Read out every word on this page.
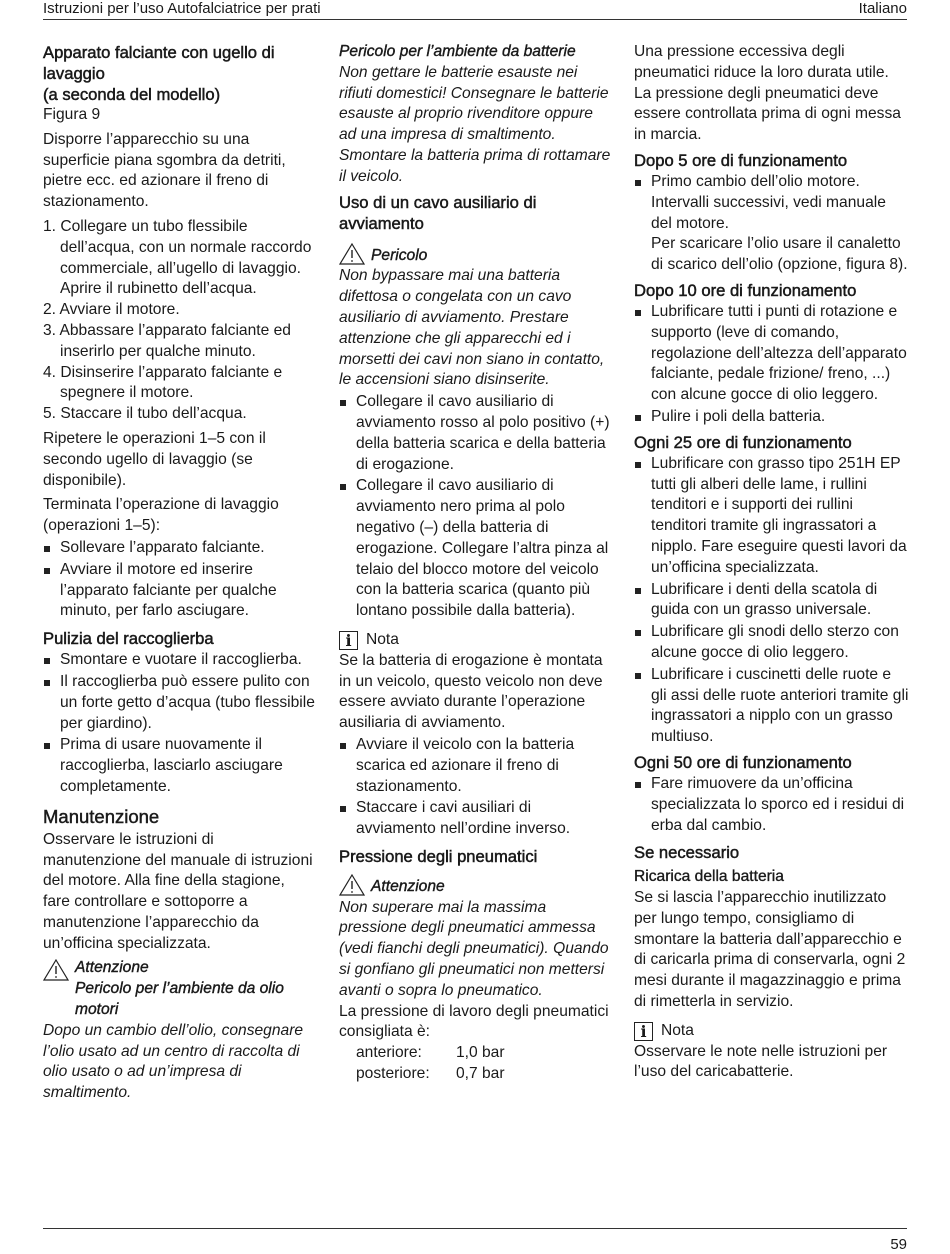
Istruzioni per l’uso Autofalciatrice per prati	Italiano

Apparato falciante con ugello di lavaggio
(a seconda del modello)

Figura 9

Disporre l’apparecchio su una superficie piana sgombra da detriti, pietre ecc. ed azionare il freno di stazionamento.

1. Collegare un tubo flessibile dell’acqua, con un normale raccordo commerciale, all’ugello di lavaggio. Aprire il rubinetto dell’acqua.
2. Avviare il motore.
3. Abbassare l’apparato falciante ed inserirlo per qualche minuto.
4. Disinserire l’apparato falciante e spegnere il motore.
5. Staccare il tubo dell’acqua.

Ripetere le operazioni 1–5 con il secondo ugello di lavaggio (se disponibile).

Terminata l’operazione di lavaggio (operazioni 1–5):

Sollevare l’apparato falciante.
Avviare il motore ed inserire l’apparato falciante per qualche minuto, per farlo asciugare.

Pulizia del raccoglierba

Smontare e vuotare il raccoglierba.
Il raccoglierba può essere pulito con un forte getto d’acqua (tubo flessibile per giardino).
Prima di usare nuovamente il raccoglierba, lasciarlo asciugare completamente.

Manutenzione

Osservare le istruzioni di manutenzione del manuale di istruzioni del motore. Alla fine della stagione, fare controllare e sottoporre a manutenzione l’apparecchio da un’officina specializzata.

Attenzione

Pericolo per l’ambiente da olio motori

Dopo un cambio dell’olio, consegnare l’olio usato ad un centro di raccolta di olio usato o ad un’impresa di smaltimento.

Pericolo per l’ambiente da batterie

Non gettare le batterie esauste nei rifiuti domestici! Consegnare le batterie esauste al proprio rivenditore oppure ad una impresa di smaltimento. Smontare la batteria prima di rottamare il veicolo.

Uso di un cavo ausiliario di avviamento

Pericolo

Non bypassare mai una batteria difettosa o congelata con un cavo ausiliario di avviamento. Prestare attenzione che gli apparecchi ed i morsetti dei cavi non siano in contatto, le accensioni siano disinserite.

Collegare il cavo ausiliario di avviamento rosso al polo positivo (+) della batteria scarica e della batteria di erogazione.
Collegare il cavo ausiliario di avviamento nero prima al polo negativo (–) della batteria di erogazione. Collegare l’altra pinza al telaio del blocco motore del veicolo con la batteria scarica (quanto più lontano possibile dalla batteria).
i Nota

Se la batteria di erogazione è montata in un veicolo, questo veicolo non deve essere avviato durante l’operazione ausiliaria di avviamento.

Avviare il veicolo con la batteria scarica ed azionare il freno di stazionamento.
Staccare i cavi ausiliari di avviamento nell’ordine inverso.

Pressione degli pneumatici

Attenzione

Non superare mai la massima pressione degli pneumatici ammessa (vedi fianchi degli pneumatici). Quando si gonfiano gli pneumatici non mettersi avanti o sopra lo pneumatico.

La pressione di lavoro degli pneumatici consigliata è:

anteriore: 1,0 bar
posteriore: 0,7 bar

Una pressione eccessiva degli pneumatici riduce la loro durata utile. La pressione degli pneumatici deve essere controllata prima di ogni messa in marcia.

Dopo 5 ore di funzionamento

Primo cambio dell’olio motore. Intervalli successivi, vedi manuale del motore.
Per scaricare l’olio usare il canaletto di scarico dell’olio (opzione, figura 8).

Dopo 10 ore di funzionamento

Lubrificare tutti i punti di rotazione e supporto (leve di comando, regolazione dell’altezza dell’apparato falciante, pedale frizione/ freno, ...) con alcune gocce di olio leggero.
Pulire i poli della batteria.

Ogni 25 ore di funzionamento

Lubrificare con grasso tipo 251H EP tutti gli alberi delle lame, i rullini tenditori e i supporti dei rullini tenditori tramite gli ingrassatori a nipplo. Fare eseguire questi lavori da un’officina specializzata.
Lubrificare i denti della scatola di guida con un grasso universale.
Lubrificare gli snodi dello sterzo con alcune gocce di olio leggero.
Lubrificare i cuscinetti delle ruote e gli assi delle ruote anteriori tramite gli ingrassatori a nipplo con un grasso multiuso.

Ogni 50 ore di funzionamento

Fare rimuovere da un’officina specializzata lo sporco ed i residui di erba dal cambio.

Se necessario

Ricarica della batteria

Se si lascia l’apparecchio inutilizzato per lungo tempo, consigliamo di smontare la batteria dall’apparecchio e di caricarla prima di conservarla, ogni 2 mesi durante il magazzinaggio e prima di rimetterla in servizio.

i Nota

Osservare le note nelle istruzioni per l’uso del caricabatterie.

59
